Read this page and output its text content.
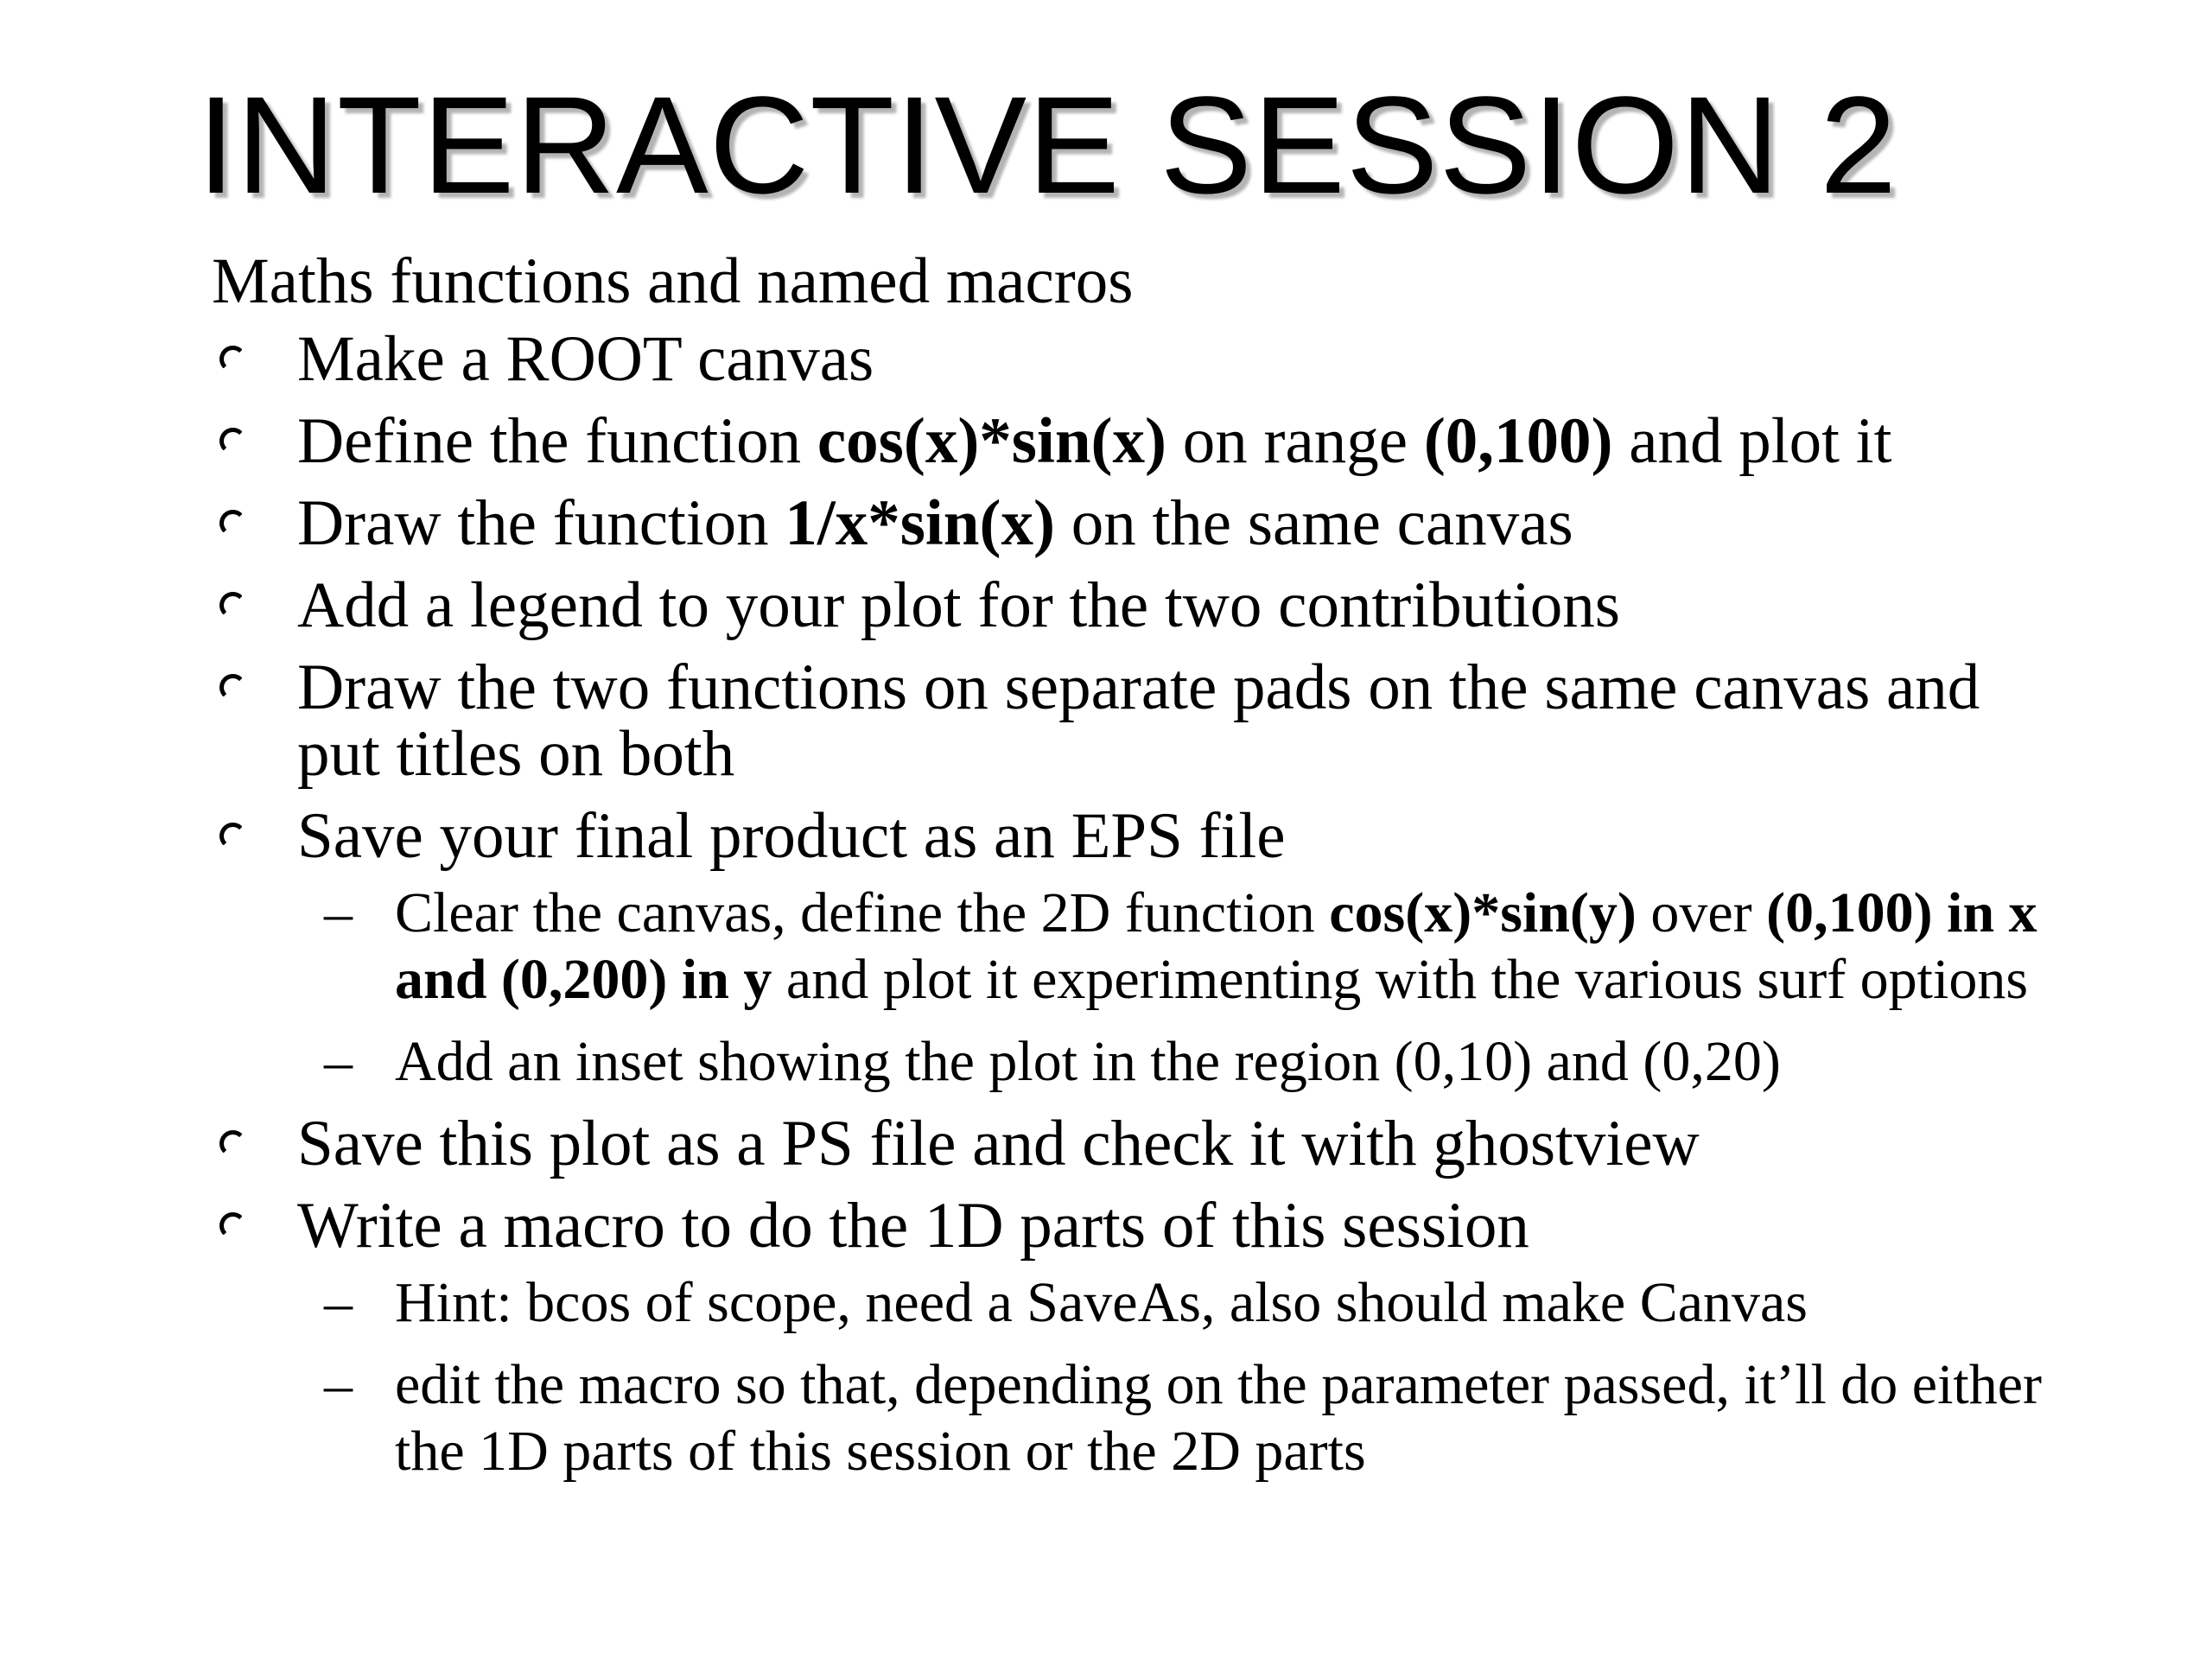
INTERACTIVE SESSION 2
Maths functions and named macros
Make a ROOT canvas
Define the function cos(x)*sin(x) on range (0,100) and plot it
Draw the function 1/x*sin(x) on the same canvas
Add a legend to your plot for the two contributions
Draw the two functions on separate pads on the same canvas and put titles on both
Save your final product as an EPS file
– Clear the canvas, define the 2D function cos(x)*sin(y) over (0,100) in x and (0,200) in y and plot it experimenting with the various surf options
– Add an inset showing the plot in the region (0,10) and (0,20)
Save this plot as a PS file and check it with ghostview
Write a macro to do the 1D parts of this session
– Hint: bcos of scope, need a SaveAs, also should make Canvas
– edit the macro so that, depending on the parameter passed, it’ll do either the 1D parts of this session or the 2D parts
